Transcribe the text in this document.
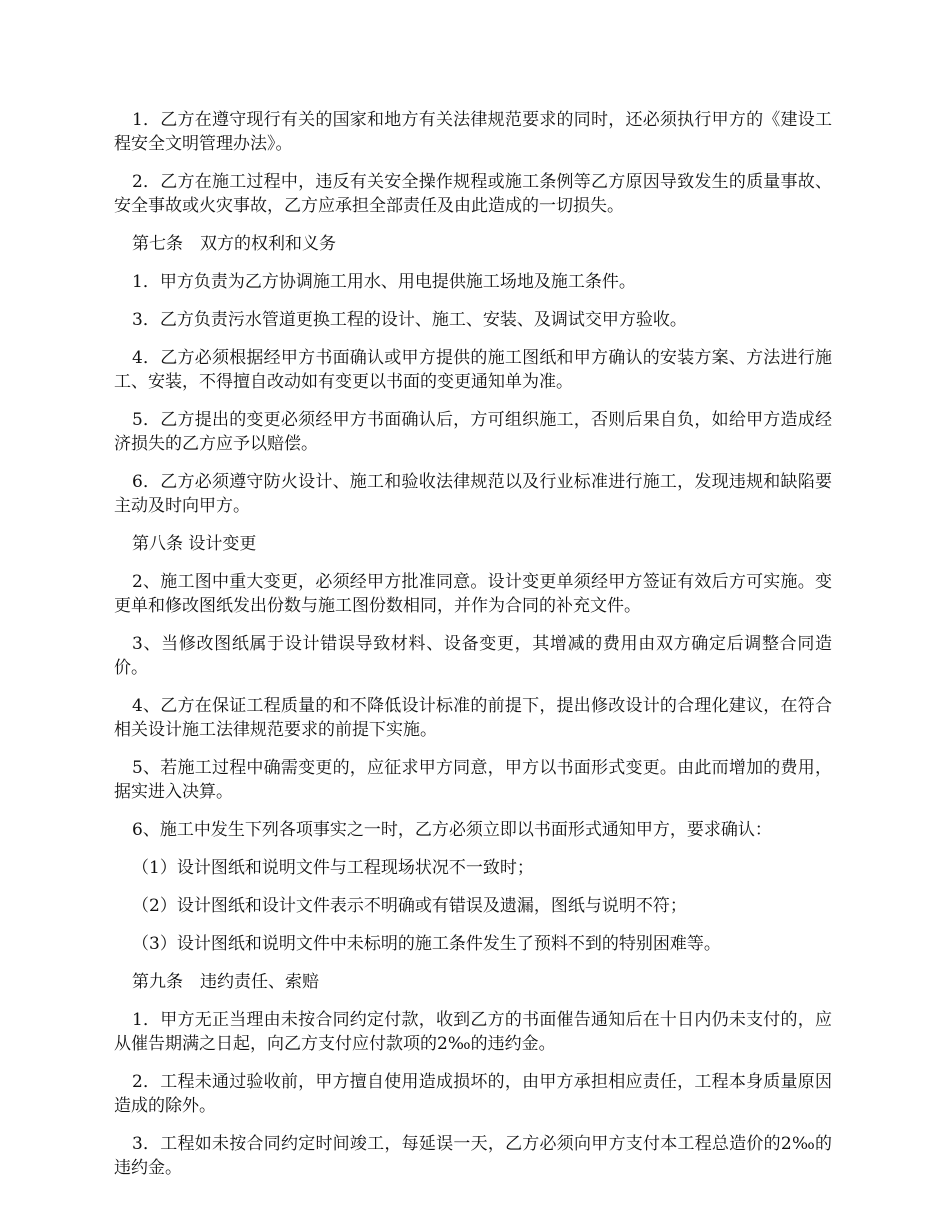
1．乙方在遵守现行有关的国家和地方有关法律规范要求的同时，还必须执行甲方的《建设工程安全文明管理办法》。

2．乙方在施工过程中，违反有关安全操作规程或施工条例等乙方原因导致发生的质量事故、安全事故或火灾事故，乙方应承担全部责任及由此造成的一切损失。

第七条　双方的权利和义务

1．甲方负责为乙方协调施工用水、用电提供施工场地及施工条件。

3．乙方负责污水管道更换工程的设计、施工、安装、及调试交甲方验收。

4．乙方必须根据经甲方书面确认或甲方提供的施工图纸和甲方确认的安装方案、方法进行施工、安装，不得擅自改动如有变更以书面的变更通知单为准。

5．乙方提出的变更必须经甲方书面确认后，方可组织施工，否则后果自负，如给甲方造成经济损失的乙方应予以赔偿。

6．乙方必须遵守防火设计、施工和验收法律规范以及行业标准进行施工，发现违规和缺陷要主动及时向甲方。

第八条 设计变更

2、施工图中重大变更，必须经甲方批准同意。设计变更单须经甲方签证有效后方可实施。变更单和修改图纸发出份数与施工图份数相同，并作为合同的补充文件。

3、当修改图纸属于设计错误导致材料、设备变更，其增减的费用由双方确定后调整合同造价。

4、乙方在保证工程质量的和不降低设计标准的前提下，提出修改设计的合理化建议，在符合相关设计施工法律规范要求的前提下实施。

5、若施工过程中确需变更的，应征求甲方同意，甲方以书面形式变更。由此而增加的费用，据实进入决算。

6、施工中发生下列各项事实之一时，乙方必须立即以书面形式通知甲方，要求确认：

（1）设计图纸和说明文件与工程现场状况不一致时；

（2）设计图纸和设计文件表示不明确或有错误及遗漏，图纸与说明不符；

（3）设计图纸和说明文件中未标明的施工条件发生了预料不到的特别困难等。

第九条　违约责任、索赔

1．甲方无正当理由未按合同约定付款，收到乙方的书面催告通知后在十日内仍未支付的，应从催告期满之日起，向乙方支付应付款项的2‰的违约金。

2．工程未通过验收前，甲方擅自使用造成损坏的，由甲方承担相应责任，工程本身质量原因造成的除外。

3．工程如未按合同约定时间竣工，每延误一天，乙方必须向甲方支付本工程总造价的2‰的违约金。
